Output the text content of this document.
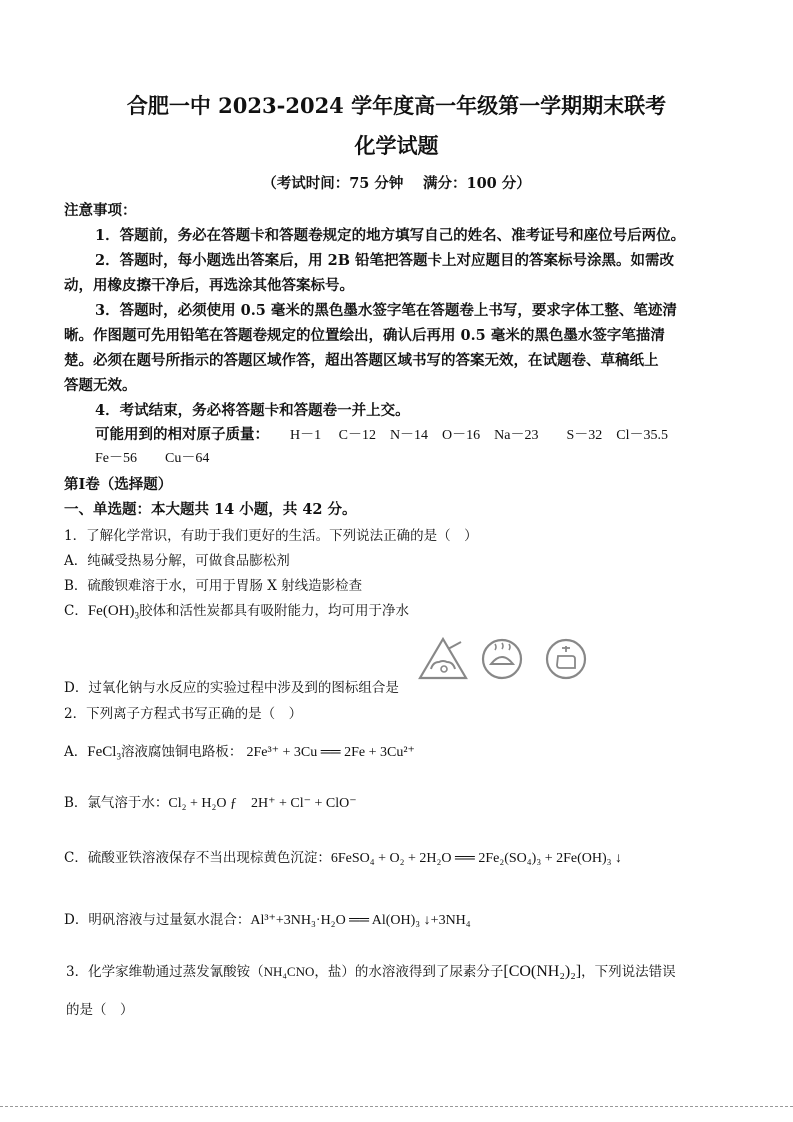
合肥一中 2023-2024 学年度高一年级第一学期期末联考
化学试题
（考试时间：75 分钟　 满分：100 分）
注意事项：
1．答题前，务必在答题卡和答题卷规定的地方填写自己的姓名、准考证号和座位号后两位。
2．答题时，每小题选出答案后，用 2B 铅笔把答题卡上对应题目的答案标号涂黑。如需改
动，用橡皮擦干净后，再选涂其他答案标号。
3．答题时，必须使用 0.5 毫米的黑色墨水签字笔在答题卷上书写，要求字体工整、笔迹清
晰。作图题可先用铅笔在答题卷规定的位置绘出，确认后再用 0.5 毫米的黑色墨水签字笔描清
楚。必须在题号所指示的答题区域作答，超出答题区域书写的答案无效，在试题卷、草稿纸上
答题无效。
4．考试结束，务必将答题卡和答题卷一并上交。
可能用到的相对原子质量： H－1　 C－12　N－14　O－16　Na－23　　S－32　Cl－35.5
Fe－56　　Cu－64
第Ⅰ卷（选择题）
一、单选题：本大题共 14 小题，共 42 分。
1．了解化学常识，有助于我们更好的生活。下列说法正确的是（　）
A．纯碱受热易分解，可做食品膨松剂
B．硫酸钡难溶于水，可用于胃肠 X 射线造影检查
C．$Fe(OH)_3$胶体和活性炭都具有吸附能力，均可用于净水
D．过氧化钠与水反应的实验过程中涉及到的图标组合是
2．下列离子方程式书写正确的是（　）
A．FeCl$_3$溶液腐蚀铜电路板： 2Fe³⁺ + 3Cu ══ 2Fe + 3Cu²⁺
B．氯气溶于水：Cl₂ + H₂O ƒ　2H⁺ + Cl⁻ + ClO⁻
C．硫酸亚铁溶液保存不当出现棕黄色沉淀：6FeSO₄ + O₂ + 2H₂O ══ 2Fe₂(SO₄)₃ + 2Fe(OH)₃ ↓
D．明矾溶液与过量氨水混合：Al³⁺+3NH₃·H₂O ══ Al(OH)₃ ↓+3NH₄
3．化学家维勒通过蒸发氰酸铵（NH₄CNO，盐）的水溶液得到了尿素分子[CO(NH₂)₂]，下列说法错误
的是（　）
